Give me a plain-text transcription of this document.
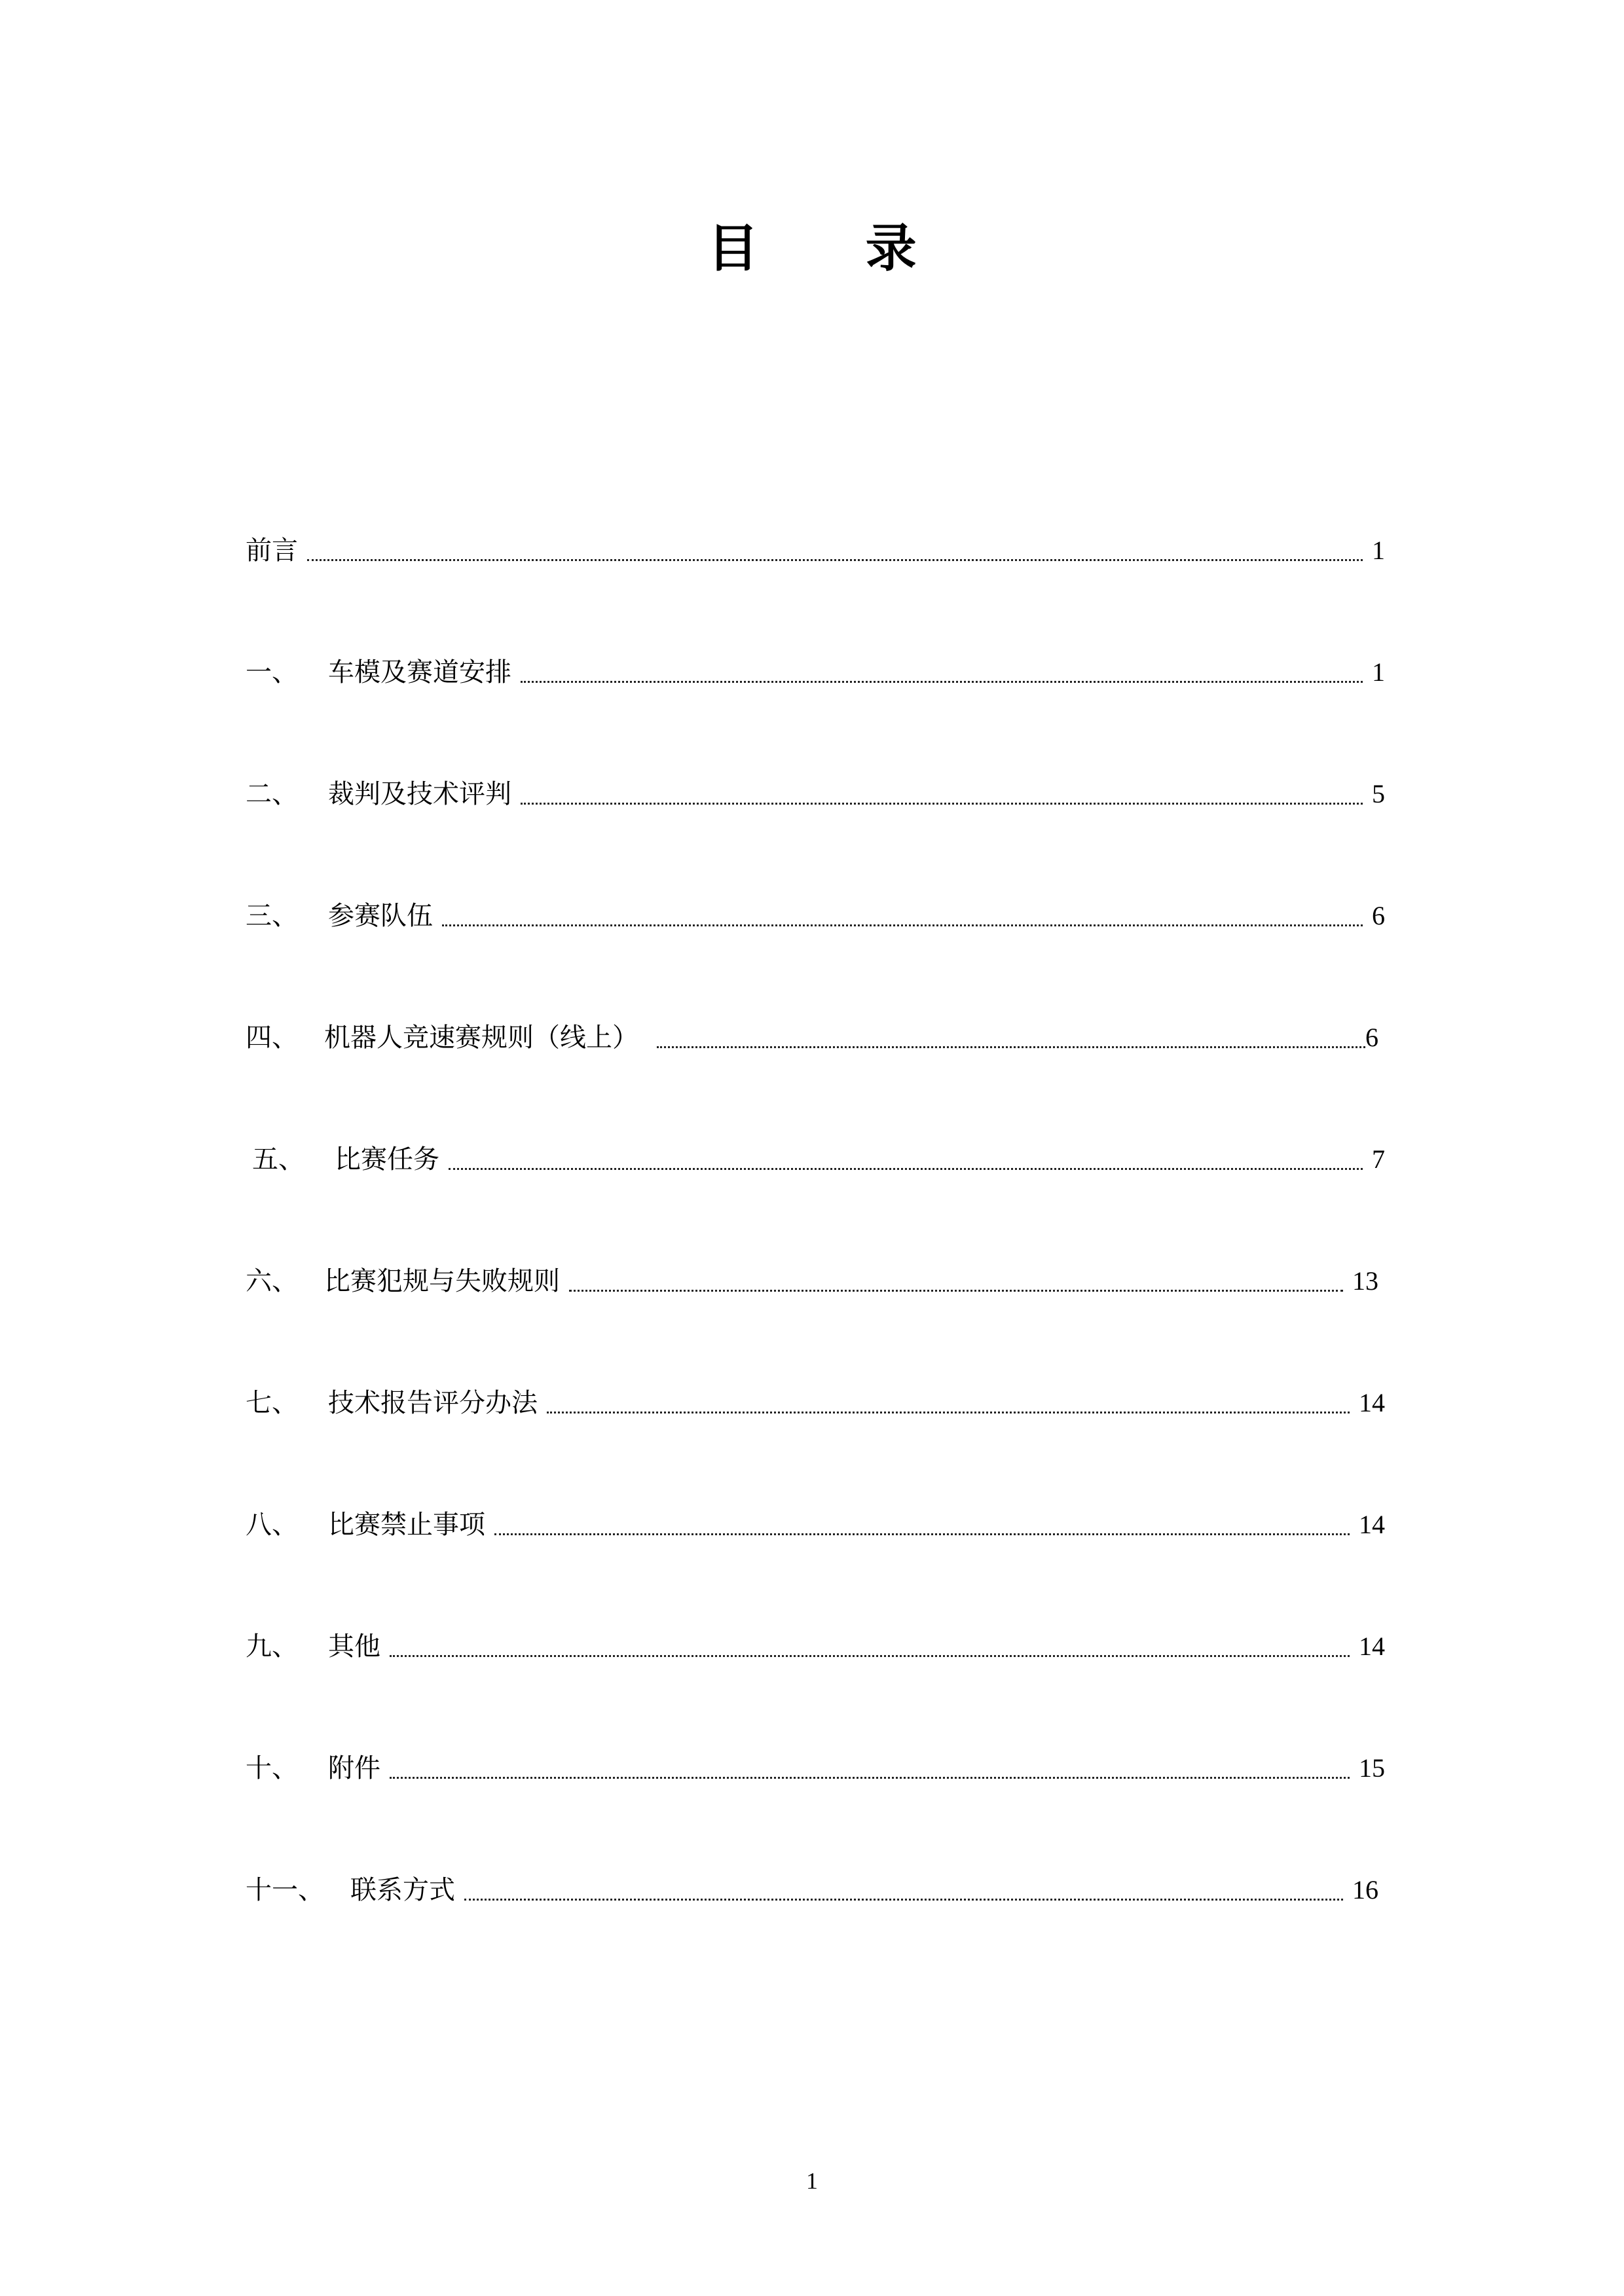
目 录
前言	1
一、 车模及赛道安排	1
二、 裁判及技术评判	5
三、 参赛队伍	6
四、 机器人竞速赛规则（线上）	6
五、 比赛任务	7
六、 比赛犯规与失败规则	13
七、 技术报告评分办法	14
八、 比赛禁止事项	14
九、 其他	14
十、 附件	15
十一、 联系方式	16
1
